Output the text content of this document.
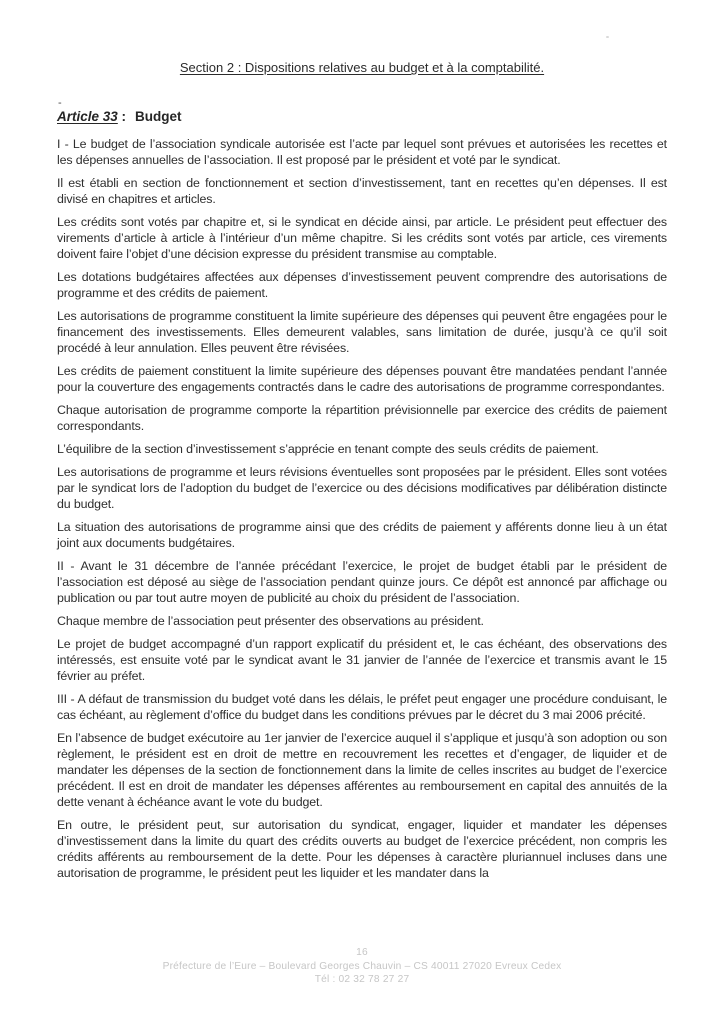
Section 2 : Dispositions relatives au budget et à la comptabilité.
-
Article 33 : Budget

I - Le budget de l’association syndicale autorisée est l’acte par lequel sont prévues et autorisées les recettes et les dépenses annuelles de l’association. Il est proposé par le président et voté par le syndicat.

Il est établi en section de fonctionnement et section d’investissement, tant en recettes qu’en dépenses. Il est divisé en chapitres et articles.

Les crédits sont votés par chapitre et, si le syndicat en décide ainsi, par article. Le président peut effectuer des virements d’article à article à l’intérieur d’un même chapitre. Si les crédits sont votés par article, ces virements doivent faire l’objet d’une décision expresse du président transmise au comptable.

Les dotations budgétaires affectées aux dépenses d’investissement peuvent comprendre des autorisations de programme et des crédits de paiement.

Les autorisations de programme constituent la limite supérieure des dépenses qui peuvent être engagées pour le financement des investissements. Elles demeurent valables, sans limitation de durée, jusqu’à ce qu’il soit procédé à leur annulation. Elles peuvent être révisées.

Les crédits de paiement constituent la limite supérieure des dépenses pouvant être mandatées pendant l’année pour la couverture des engagements contractés dans le cadre des autorisations de programme correspondantes.

Chaque autorisation de programme comporte la répartition prévisionnelle par exercice des crédits de paiement correspondants.

L’équilibre de la section d’investissement s’apprécie en tenant compte des seuls crédits de paiement.

Les autorisations de programme et leurs révisions éventuelles sont proposées par le président. Elles sont votées par le syndicat lors de l’adoption du budget de l’exercice ou des décisions modificatives par délibération distincte du budget.

La situation des autorisations de programme ainsi que des crédits de paiement y afférents donne lieu à un état joint aux documents budgétaires.

II - Avant le 31 décembre de l’année précédant l’exercice, le projet de budget établi par le président de l’association est déposé au siège de l’association pendant quinze jours. Ce dépôt est annoncé par affichage ou publication ou par tout autre moyen de publicité au choix du président de l’association.

Chaque membre de l’association peut présenter des observations au président.

Le projet de budget accompagné d’un rapport explicatif du président et, le cas échéant, des observations des intéressés, est ensuite voté par le syndicat avant le 31 janvier de l’année de l’exercice et transmis avant le 15 février au préfet.

III - A défaut de transmission du budget voté dans les délais, le préfet peut engager une procédure conduisant, le cas échéant, au règlement d’office du budget dans les conditions prévues par le décret du 3 mai 2006 précité.

En l’absence de budget exécutoire au 1er janvier de l’exercice auquel il s’applique et jusqu’à son adoption ou son règlement, le président est en droit de mettre en recouvrement les recettes et d’engager, de liquider et de mandater les dépenses de la section de fonctionnement dans la limite de celles inscrites au budget de l’exercice précédent. Il est en droit de mandater les dépenses afférentes au remboursement en capital des annuités de la dette venant à échéance avant le vote du budget.

En outre, le président peut, sur autorisation du syndicat, engager, liquider et mandater les dépenses d’investissement dans la limite du quart des crédits ouverts au budget de l’exercice précédent, non compris les crédits afférents au remboursement de la dette. Pour les dépenses à caractère pluriannuel incluses dans une autorisation de programme, le président peut les liquider et les mandater dans la

16
Préfecture de l’Eure – Boulevard Georges Chauvin – CS 40011 27020 Evreux Cedex
Tél : 02 32 78 27 27
